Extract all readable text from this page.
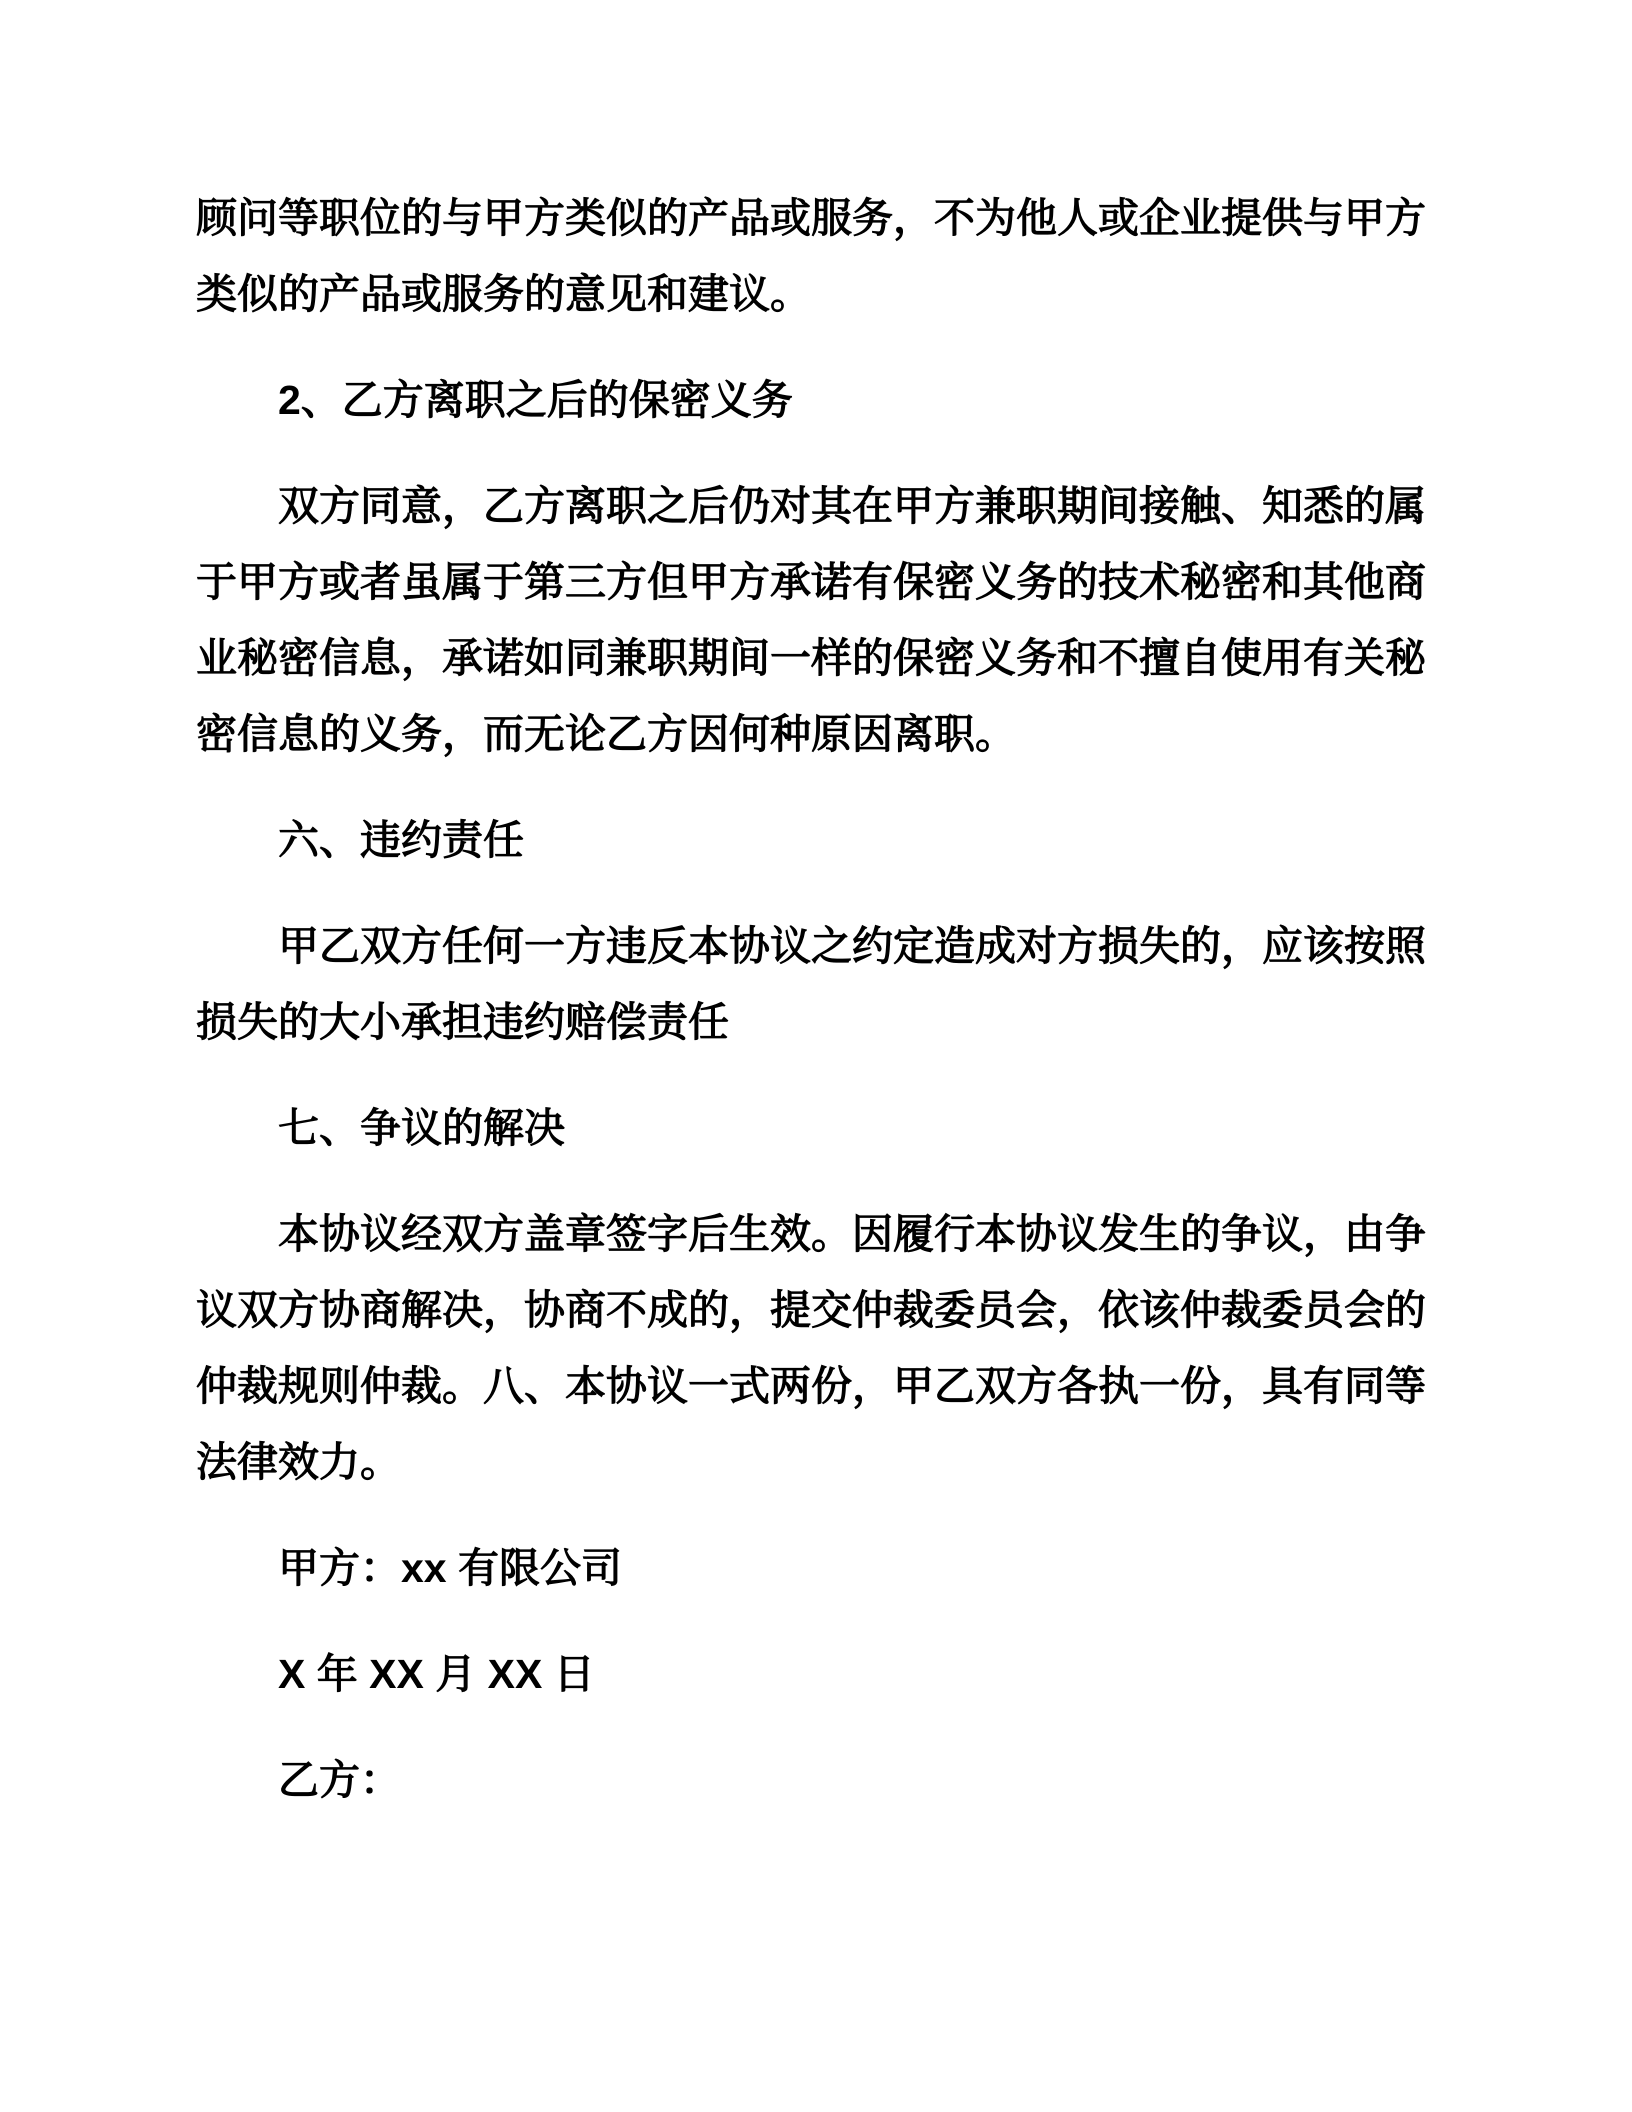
顾问等职位的与甲方类似的产品或服务，不为他人或企业提供与甲方
类似的产品或服务的意见和建议。

2、乙方离职之后的保密义务

双方同意，乙方离职之后仍对其在甲方兼职期间接触、知悉的属
于甲方或者虽属于第三方但甲方承诺有保密义务的技术秘密和其他商
业秘密信息，承诺如同兼职期间一样的保密义务和不擅自使用有关秘
密信息的义务，而无论乙方因何种原因离职。

六、违约责任

甲乙双方任何一方违反本协议之约定造成对方损失的，应该按照
损失的大小承担违约赔偿责任

七、争议的解决

本协议经双方盖章签字后生效。因履行本协议发生的争议，由争
议双方协商解决，协商不成的，提交仲裁委员会，依该仲裁委员会的
仲裁规则仲裁。八、本协议一式两份，甲乙双方各执一份，具有同等
法律效力。

甲方：xx 有限公司

X 年 XX 月 XX 日

乙方：
